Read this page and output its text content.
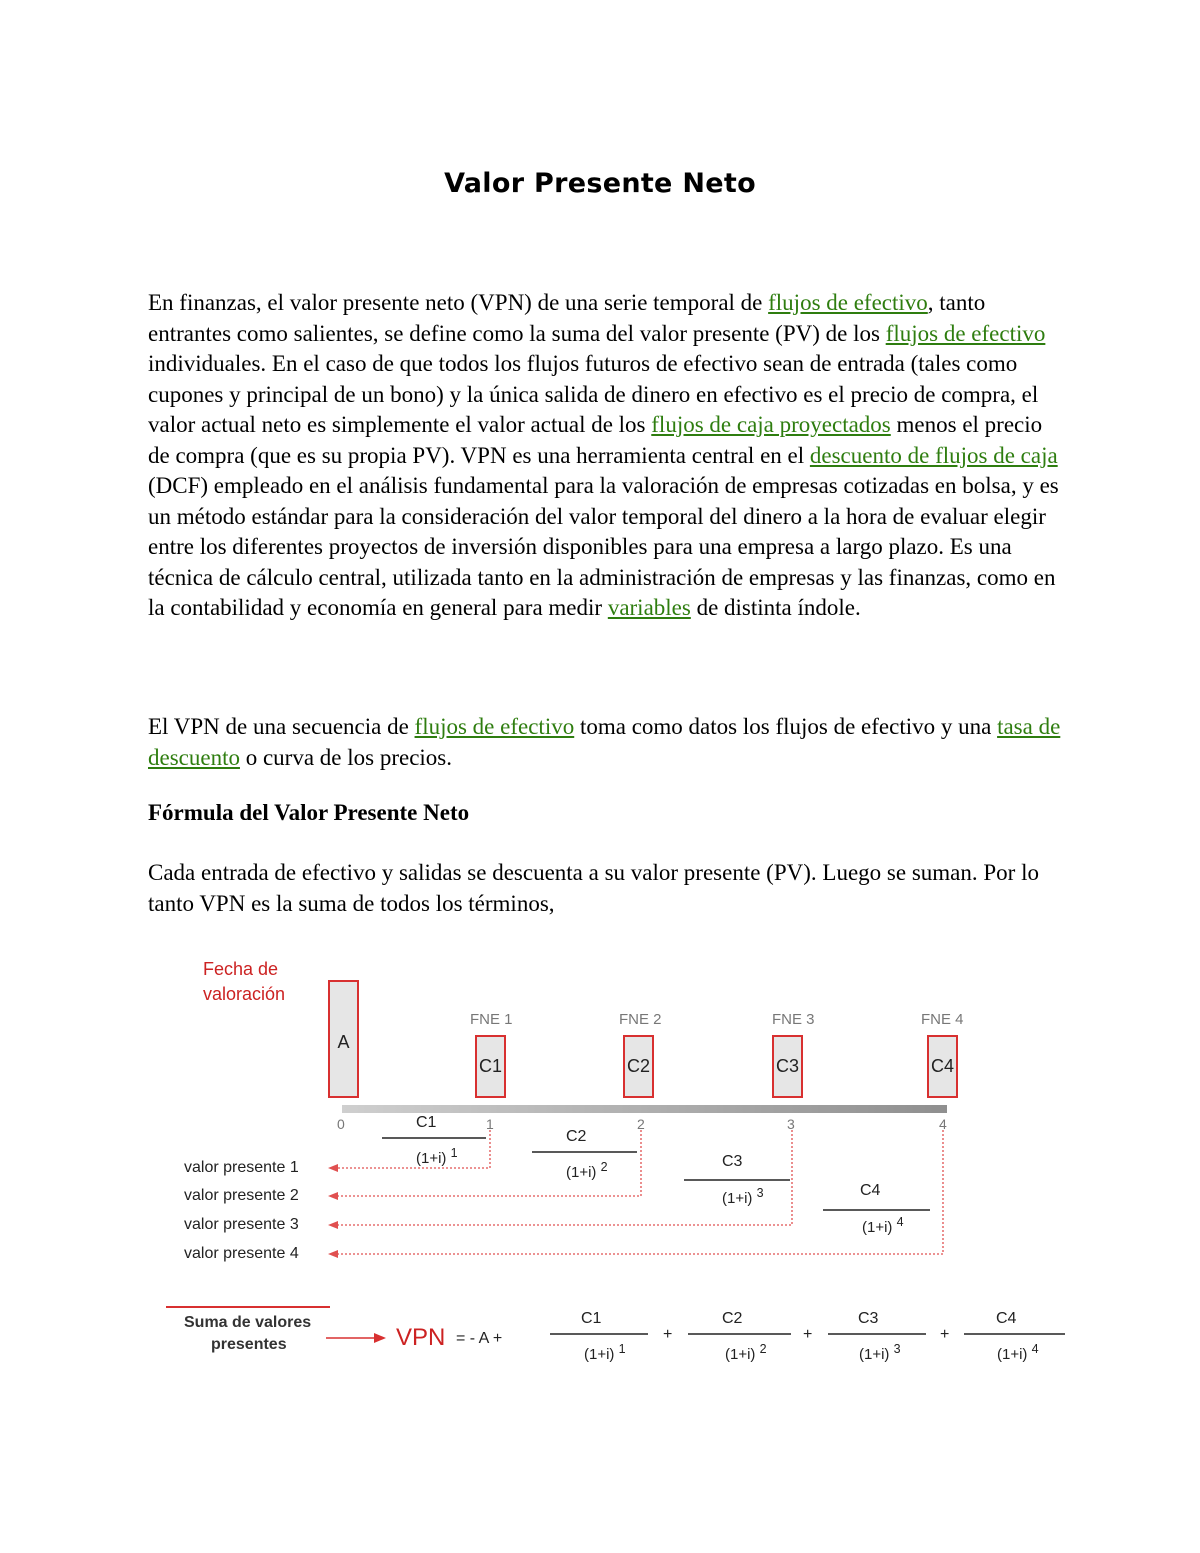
Valor Presente Neto
En finanzas, el valor presente neto (VPN) de una serie temporal de flujos de efectivo, tanto entrantes como salientes, se define como la suma del valor presente (PV) de los flujos de efectivo individuales. En el caso de que todos los flujos futuros de efectivo sean de entrada (tales como cupones y principal de un bono) y la única salida de dinero en efectivo es el precio de compra, el valor actual neto es simplemente el valor actual de los flujos de caja proyectados menos el precio de compra (que es su propia PV). VPN es una herramienta central en el descuento de flujos de caja (DCF) empleado en el análisis fundamental para la valoración de empresas cotizadas en bolsa, y es un método estándar para la consideración del valor temporal del dinero a la hora de evaluar elegir entre los diferentes proyectos de inversión disponibles para una empresa a largo plazo. Es una técnica de cálculo central, utilizada tanto en la administración de empresas y las finanzas, como en la contabilidad y economía en general para medir variables de distinta índole.
El VPN de una secuencia de flujos de efectivo toma como datos los flujos de efectivo y una tasa de descuento o curva de los precios.
Fórmula del Valor Presente Neto
Cada entrada de efectivo y salidas se descuenta a su valor presente (PV). Luego se suman. Por lo tanto VPN es la suma de todos los términos,
Fecha de
valoración
A
FNE 1	FNE 2	FNE 3	FNE 4
C1	C2	C3	C4
0	1	2	3	4
C1
(1+i) $^1$
C2
(1+i) $^2$	C3
(1+i) $^3$	C4
(1+i) $^4$
valor presente 1
valor presente 2
valor presente 3
valor presente 4
Suma de valores
presentes	VPN = - A +
C1
(1+i) $^1$
+
C2
(1+i) $^2$
+
C3
(1+i) $^3$
+
C4
(1+i) $^4$
